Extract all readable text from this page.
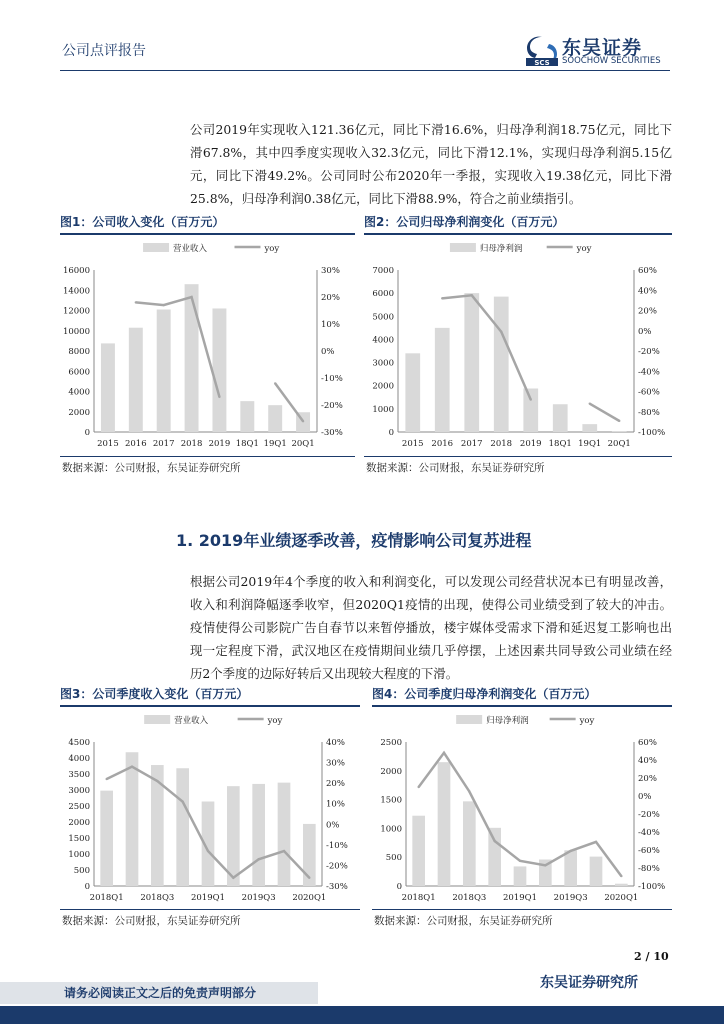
公司点评报告
SCS
东吴证券
SOOCHOW SECURITIES
公司2019年实现收入121.36亿元，同比下滑16.6%，归母净利润18.75亿元，同比下滑67.8%，其中四季度实现收入32.3亿元，同比下滑12.1%，实现归母净利润5.15亿元，同比下滑49.2%。公司同时公布2020年一季报，实现收入19.38亿元，同比下滑25.8%，归母净利润0.38亿元，同比下滑88.9%，符合之前业绩指引。
图1：公司收入变化（百万元）
0
2000
4000
6000
8000
10000
12000
14000
16000
-30%
-20%
-10%
0%
10%
20%
30%
2015 2016 2017 2018 2019 18Q1 19Q1 20Q1
营业收入	yoy
数据来源：公司财报，东吴证券研究所
图2：公司归母净利润变化（百万元）
0
1000
2000
3000
4000
5000
6000
7000
-100%
-80%
-60%
-40%
-20%
0%
20%
40%
60%
2015 2016 2017 2018 2019 18Q1 19Q1 20Q1
归母净利润	yoy
数据来源：公司财报，东吴证券研究所
1. 2019年业绩逐季改善，疫情影响公司复苏进程
根据公司2019年4个季度的收入和利润变化，可以发现公司经营状况本已有明显改善，收入和利润降幅逐季收窄，但2020Q1疫情的出现，使得公司业绩受到了较大的冲击。疫情使得公司影院广告自春节以来暂停播放，楼宇媒体受需求下滑和延迟复工影响也出现一定程度下滑，武汉地区在疫情期间业绩几乎停摆，上述因素共同导致公司业绩在经历2个季度的边际好转后又出现较大程度的下滑。
图3：公司季度收入变化（百万元）
0
500
1000
1500
2000
2500
3000
3500
4000
4500
-30%
-20%
-10%
0%
10%
20%
30%
40%
2018Q1 2018Q3 2019Q1 2019Q3 2020Q1
营业收入	yoy
数据来源：公司财报，东吴证券研究所
图4：公司季度归母净利润变化（百万元）
0
500
1000
1500
2000
2500
-100%
-80%
-60%
-40%
-20%
0%
20%
40%
60%
2018Q1 2018Q3 2019Q1 2019Q3 2020Q1
归母净利润	yoy
数据来源：公司财报，东吴证券研究所
2 / 10
东吴证券研究所
请务必阅读正文之后的免责声明部分
